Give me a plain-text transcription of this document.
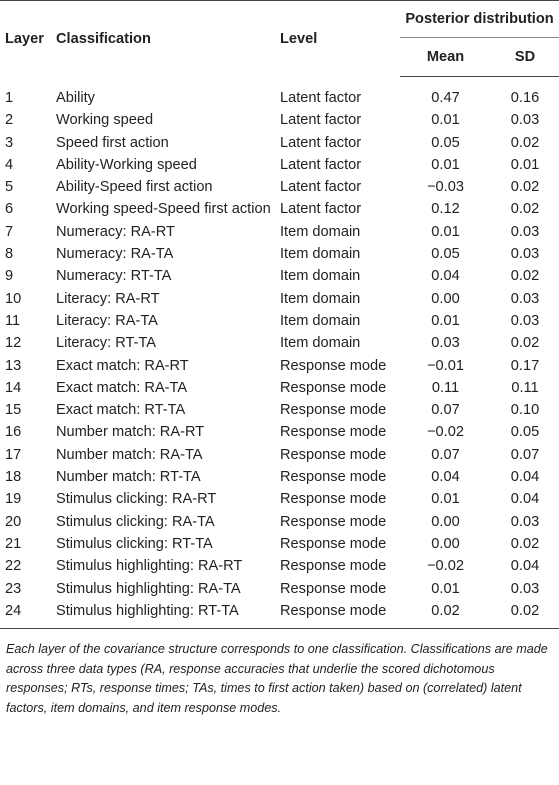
Layer	Classification	Level	Posterior distribution	
			Mean	SD
1	Ability	Latent factor	0.47	0.16
2	Working speed	Latent factor	0.01	0.03
3	Speed first action	Latent factor	0.05	0.02
4	Ability-Working speed	Latent factor	0.01	0.01
5	Ability-Speed first action	Latent factor	−0.03	0.02
6	Working speed-Speed first action	Latent factor	0.12	0.02
7	Numeracy: RA-RT	Item domain	0.01	0.03
8	Numeracy: RA-TA	Item domain	0.05	0.03
9	Numeracy: RT-TA	Item domain	0.04	0.02
10	Literacy: RA-RT	Item domain	0.00	0.03
11	Literacy: RA-TA	Item domain	0.01	0.03
12	Literacy: RT-TA	Item domain	0.03	0.02
13	Exact match: RA-RT	Response mode	−0.01	0.17
14	Exact match: RA-TA	Response mode	0.11	0.11
15	Exact match: RT-TA	Response mode	0.07	0.10
16	Number match: RA-RT	Response mode	−0.02	0.05
17	Number match: RA-TA	Response mode	0.07	0.07
18	Number match: RT-TA	Response mode	0.04	0.04
19	Stimulus clicking: RA-RT	Response mode	0.01	0.04
20	Stimulus clicking: RA-TA	Response mode	0.00	0.03
21	Stimulus clicking: RT-TA	Response mode	0.00	0.02
22	Stimulus highlighting: RA-RT	Response mode	−0.02	0.04
23	Stimulus highlighting: RA-TA	Response mode	0.01	0.03
24	Stimulus highlighting: RT-TA	Response mode	0.02	0.02
Each layer of the covariance structure corresponds to one classification. Classifications are made across three data types (RA, response accuracies that underlie the scored dichotomous responses; RTs, response times; TAs, times to first action taken) based on (correlated) latent factors, item domains, and item response modes.
